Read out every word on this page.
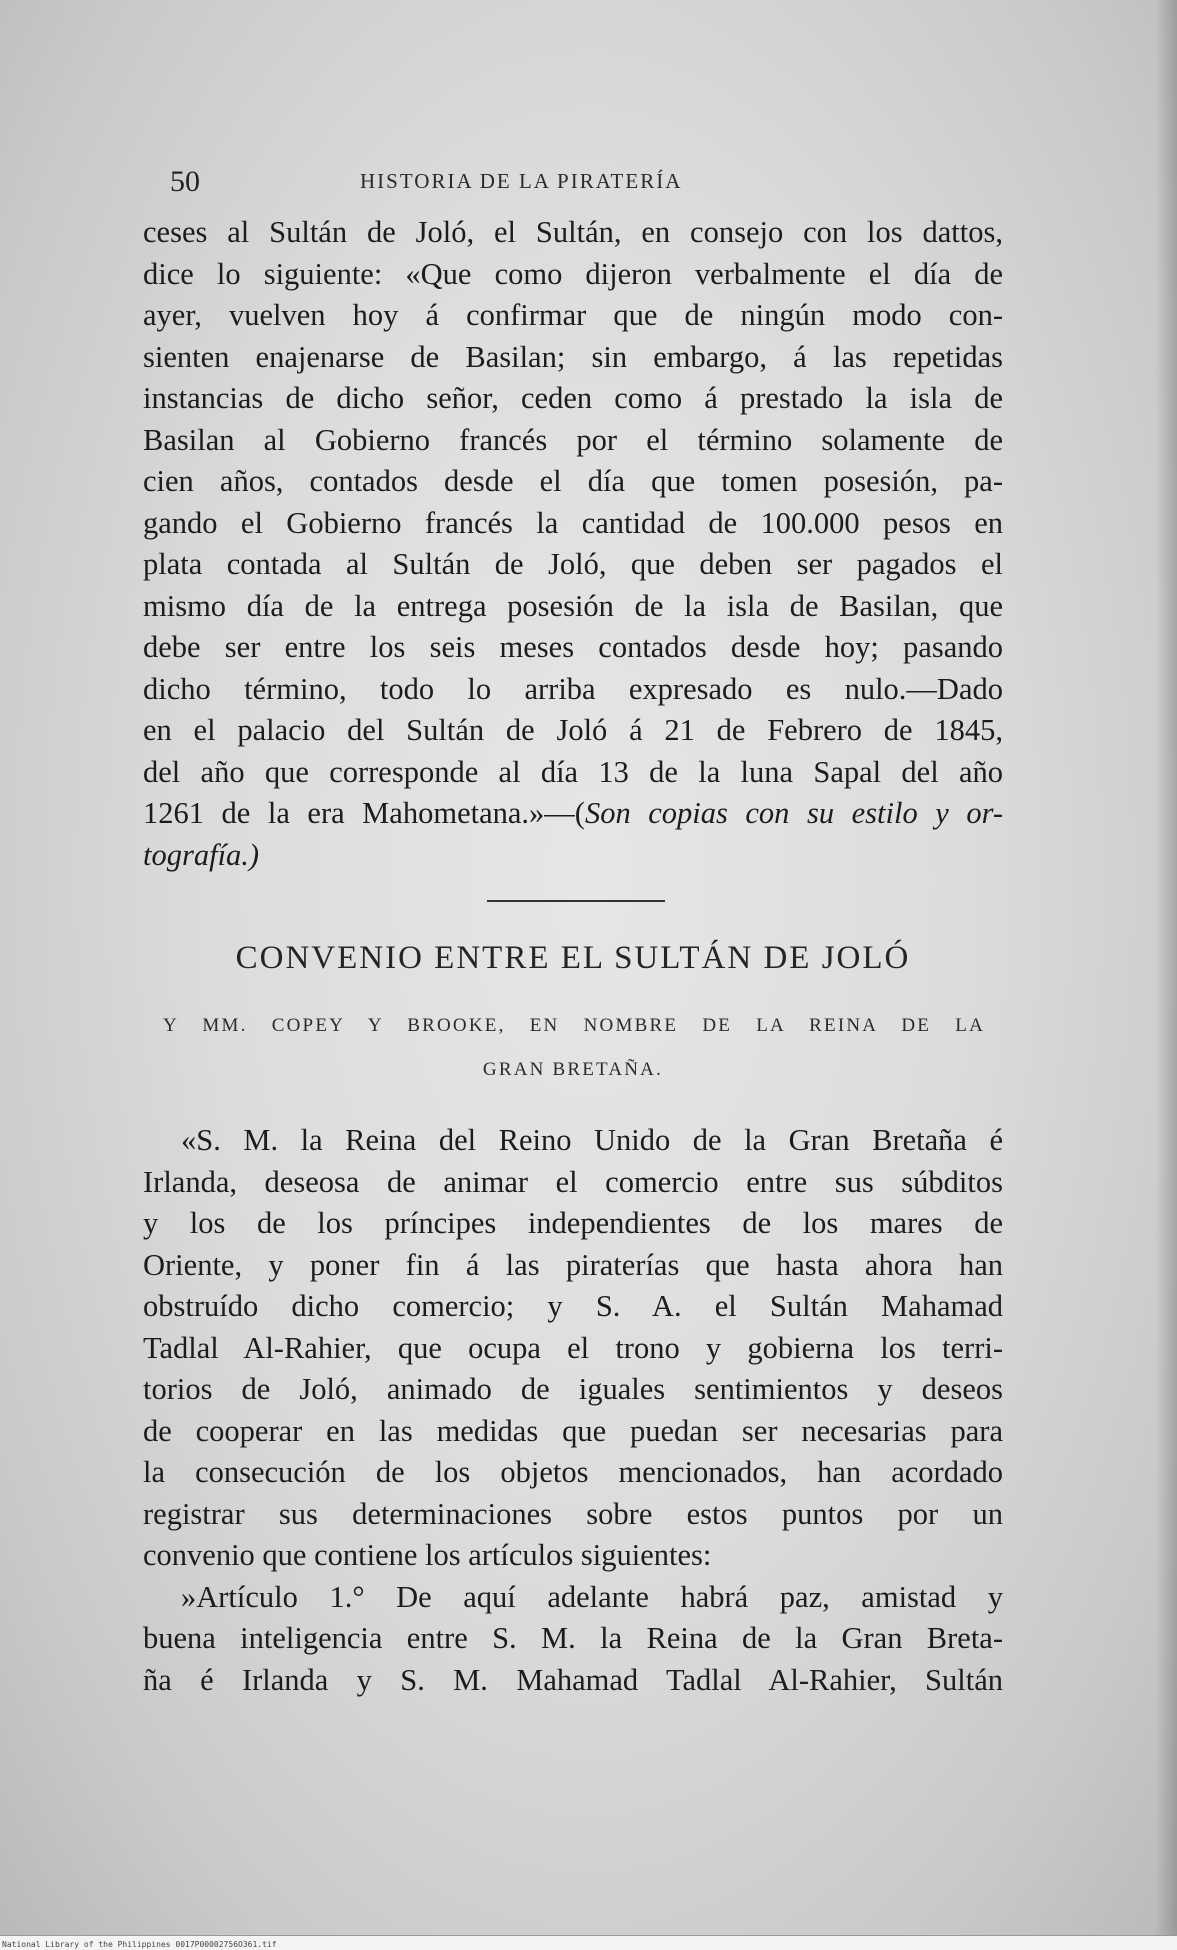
50	HISTORIA DE LA PIRATERÍA
ceses al Sultán de Joló, el Sultán, en consejo con los dattos,
dice lo siguiente: «Que como dijeron verbalmente el día de
ayer, vuelven hoy á confirmar que de ningún modo con-
sienten enajenarse de Basilan; sin embargo, á las repetidas
instancias de dicho señor, ceden como á prestado la isla de
Basilan al Gobierno francés por el término solamente de
cien años, contados desde el día que tomen posesión, pa-
gando el Gobierno francés la cantidad de 100.000 pesos en
plata contada al Sultán de Joló, que deben ser pagados el
mismo día de la entrega posesión de la isla de Basilan, que
debe ser entre los seis meses contados desde hoy; pasando
dicho término, todo lo arriba expresado es nulo.—Dado
en el palacio del Sultán de Joló á 21 de Febrero de 1845,
del año que corresponde al día 13 de la luna Sapal del año
1261 de la era Mahometana.»—(Son copias con su estilo y or-
tografía.)
CONVENIO ENTRE EL SULTÁN DE JOLÓ
Y MM. COPEY Y BROOKE, EN NOMBRE DE LA REINA DE LA
GRAN BRETAÑA.
«S. M. la Reina del Reino Unido de la Gran Bretaña é
Irlanda, deseosa de animar el comercio entre sus súbditos
y los de los príncipes independientes de los mares de
Oriente, y poner fin á las piraterías que hasta ahora han
obstruído dicho comercio; y S. A. el Sultán Mahamad
Tadlal Al-Rahier, que ocupa el trono y gobierna los terri-
torios de Joló, animado de iguales sentimientos y deseos
de cooperar en las medidas que puedan ser necesarias para
la consecución de los objetos mencionados, han acordado
registrar sus determinaciones sobre estos puntos por un
convenio que contiene los artículos siguientes:
»Artículo 1.° De aquí adelante habrá paz, amistad y
buena inteligencia entre S. M. la Reina de la Gran Breta-
ña é Irlanda y S. M. Mahamad Tadlal Al-Rahier, Sultán
National Library of the Philippines 0017P00002756O361.tif
